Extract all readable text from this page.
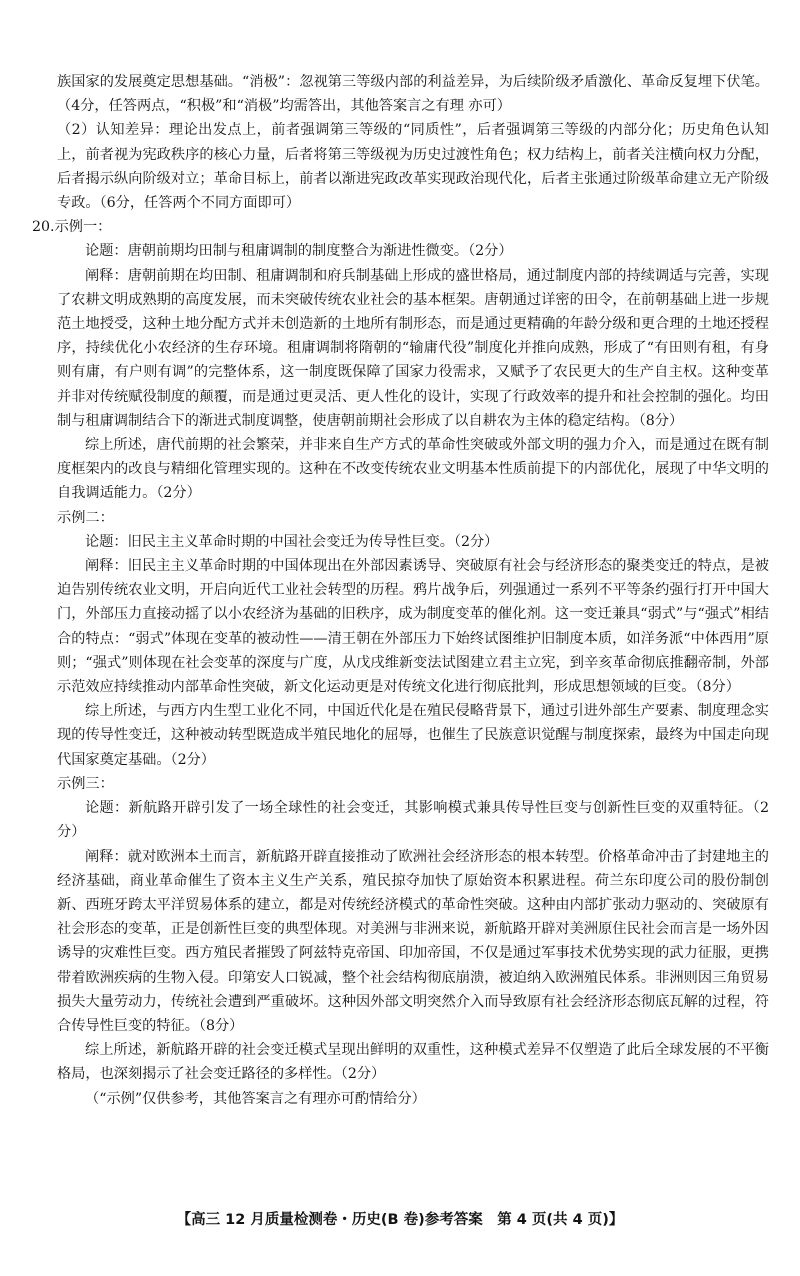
族国家的发展奠定思想基础。“消极”：忽视第三等级内部的利益差异，为后续阶级矛盾激化、革命反复埋下伏笔。（4分，任答两点，“积极”和“消极”均需答出，其他答案言之有理 亦可）

（2）认知差异：理论出发点上，前者强调第三等级的“同质性”，后者强调第三等级的内部分化；历史角色认知上，前者视为宪政秩序的核心力量，后者将第三等级视为历史过渡性角色；权力结构上，前者关注横向权力分配，后者揭示纵向阶级对立；革命目标上，前者以渐进宪政改革实现政治现代化，后者主张通过阶级革命建立无产阶级专政。（6分，任答两个不同方面即可）

20.示例一：

论题：唐朝前期均田制与租庸调制的制度整合为渐进性微变。（2分）

阐释：唐朝前期在均田制、租庸调制和府兵制基础上形成的盛世格局，通过制度内部的持续调适与完善，实现了农耕文明成熟期的高度发展，而未突破传统农业社会的基本框架。唐朝通过详密的田令，在前朝基础上进一步规范土地授受，这种土地分配方式并未创造新的土地所有制形态，而是通过更精确的年龄分级和更合理的土地还授程序，持续优化小农经济的生存环境。租庸调制将隋朝的“输庸代役”制度化并推向成熟，形成了“有田则有租，有身则有庸，有户则有调”的完整体系，这一制度既保障了国家力役需求，又赋予了农民更大的生产自主权。这种变革并非对传统赋役制度的颠覆，而是通过更灵活、更人性化的设计，实现了行政效率的提升和社会控制的强化。均田制与租庸调制结合下的渐进式制度调整，使唐朝前期社会形成了以自耕农为主体的稳定结构。（8分）

综上所述，唐代前期的社会繁荣，并非来自生产方式的革命性突破或外部文明的强力介入，而是通过在既有制度框架内的改良与精细化管理实现的。这种在不改变传统农业文明基本性质前提下的内部优化，展现了中华文明的自我调适能力。（2分）

示例二：

论题：旧民主主义革命时期的中国社会变迁为传导性巨变。（2分）

阐释：旧民主主义革命时期的中国体现出在外部因素诱导、突破原有社会与经济形态的聚类变迁的特点，是被迫告别传统农业文明，开启向近代工业社会转型的历程。鸦片战争后，列强通过一系列不平等条约强行打开中国大门，外部压力直接动摇了以小农经济为基础的旧秩序，成为制度变革的催化剂。这一变迁兼具“弱式”与“强式”相结合的特点：“弱式”体现在变革的被动性——清王朝在外部压力下始终试图维护旧制度本质，如洋务派“中体西用”原则；“强式”则体现在社会变革的深度与广度，从戊戌维新变法试图建立君主立宪，到辛亥革命彻底推翻帝制，外部示范效应持续推动内部革命性突破，新文化运动更是对传统文化进行彻底批判，形成思想领域的巨变。（8分）

综上所述，与西方内生型工业化不同，中国近代化是在殖民侵略背景下，通过引进外部生产要素、制度理念实现的传导性变迁，这种被动转型既造成半殖民地化的屈辱，也催生了民族意识觉醒与制度探索，最终为中国走向现代国家奠定基础。（2分）

示例三：

论题：新航路开辟引发了一场全球性的社会变迁，其影响模式兼具传导性巨变与创新性巨变的双重特征。（2分）

阐释：就对欧洲本土而言，新航路开辟直接推动了欧洲社会经济形态的根本转型。价格革命冲击了封建地主的经济基础，商业革命催生了资本主义生产关系，殖民掠夺加快了原始资本积累进程。荷兰东印度公司的股份制创新、西班牙跨太平洋贸易体系的建立，都是对传统经济模式的革命性突破。这种由内部扩张动力驱动的、突破原有社会形态的变革，正是创新性巨变的典型体现。对美洲与非洲来说，新航路开辟对美洲原住民社会而言是一场外因诱导的灾难性巨变。西方殖民者摧毁了阿兹特克帝国、印加帝国，不仅是通过军事技术优势实现的武力征服，更携带着欧洲疾病的生物入侵。印第安人口锐减，整个社会结构彻底崩溃，被迫纳入欧洲殖民体系。非洲则因三角贸易损失大量劳动力，传统社会遭到严重破坏。这种因外部文明突然介入而导致原有社会经济形态彻底瓦解的过程，符合传导性巨变的特征。（8分）

综上所述，新航路开辟的社会变迁模式呈现出鲜明的双重性，这种模式差异不仅塑造了此后全球发展的不平衡格局，也深刻揭示了社会变迁路径的多样性。（2分）

（“示例”仅供参考，其他答案言之有理亦可酌情给分）

【高三 12 月质量检测卷・历史(B 卷)参考答案　第 4 页(共 4 页)】
